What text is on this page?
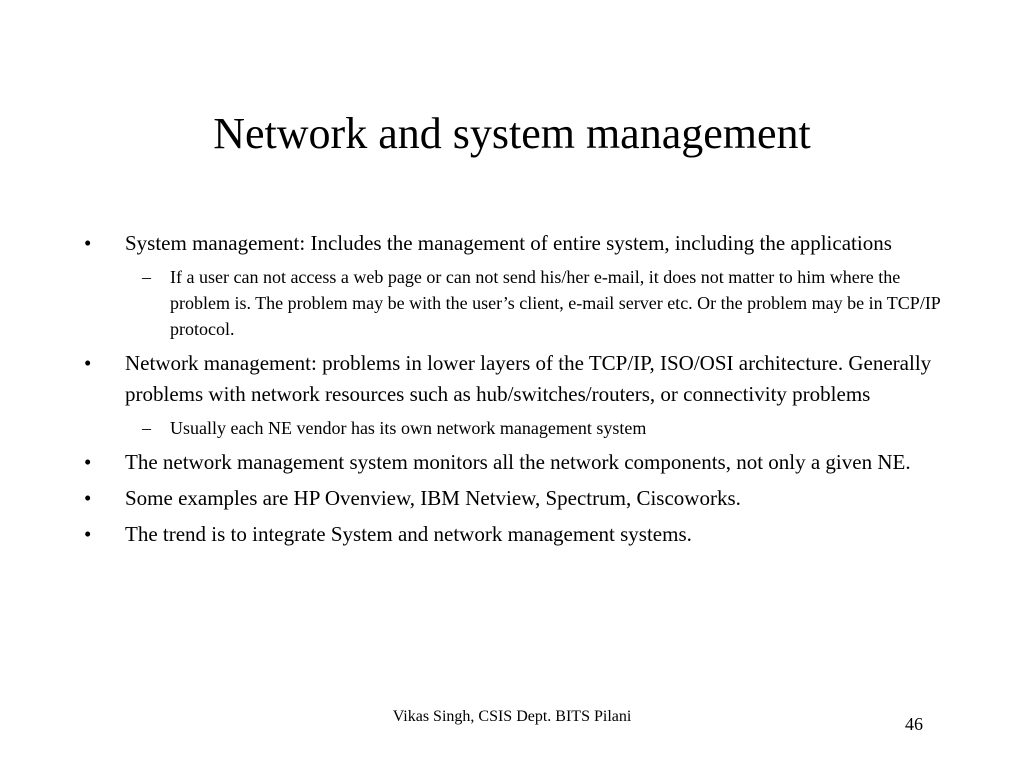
Network and system management
• System management: Includes the management of entire system, including the applications
– If a user can not access a web page or can not send his/her e-mail, it does not matter to him where the problem is. The problem may be with the user’s client, e-mail server etc. Or the problem may be in TCP/IP protocol.
• Network management: problems in lower layers of the TCP/IP, ISO/OSI architecture. Generally problems with network resources such as hub/switches/routers, or connectivity problems
– Usually each NE vendor has its own network management system
• The network management system monitors all the network components, not only a given NE.
• Some examples are HP Ovenview, IBM Netview, Spectrum, Ciscoworks.
• The trend is to integrate System and network management systems.
Vikas Singh, CSIS Dept. BITS Pilani	46
